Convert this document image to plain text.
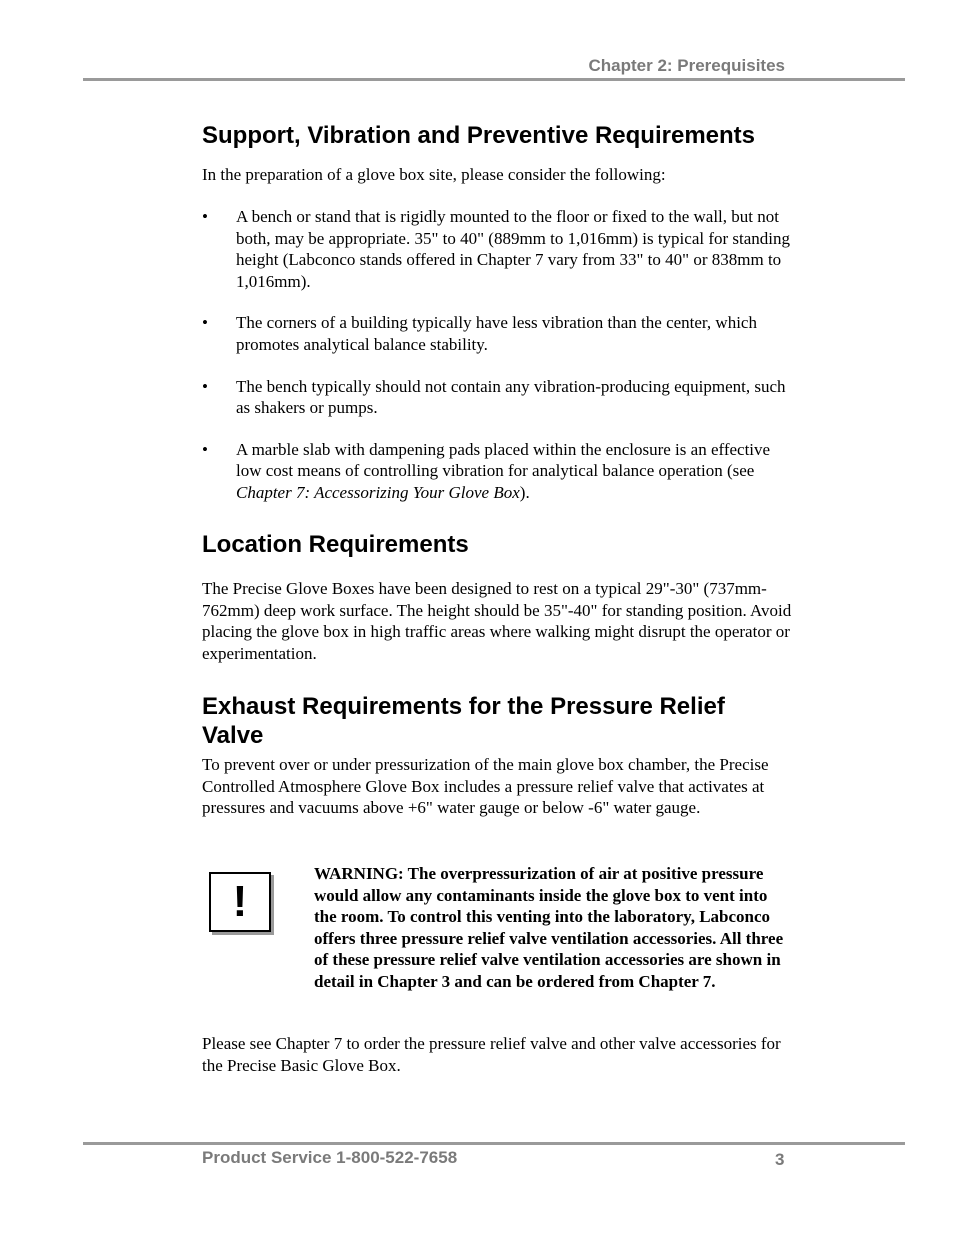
Chapter 2: Prerequisites
Support, Vibration and Preventive Requirements

In the preparation of a glove box site, please consider the following:

• A bench or stand that is rigidly mounted to the floor or fixed to the wall, but not both, may be appropriate. 35" to 40" (889mm to 1,016mm) is typical for standing height (Labconco stands offered in Chapter 7 vary from 33" to 40" or 838mm to 1,016mm).
• The corners of a building typically have less vibration than the center, which promotes analytical balance stability.
• The bench typically should not contain any vibration-producing equipment, such as shakers or pumps.
• A marble slab with dampening pads placed within the enclosure is an effective low cost means of controlling vibration for analytical balance operation (see Chapter 7: Accessorizing Your Glove Box).
Location Requirements

The Precise Glove Boxes have been designed to rest on a typical 29"-30" (737mm-762mm) deep work surface. The height should be 35"-40" for standing position. Avoid placing the glove box in high traffic areas where walking might disrupt the operator or experimentation.

Exhaust Requirements for the Pressure Relief Valve

To prevent over or under pressurization of the main glove box chamber, the Precise Controlled Atmosphere Glove Box includes a pressure relief valve that activates at pressures and vacuums above +6" water gauge or below -6" water gauge.

!
WARNING: The overpressurization of air at positive pressure would allow any contaminants inside the glove box to vent into the room. To control this venting into the laboratory, Labconco offers three pressure relief valve ventilation accessories. All three of these pressure relief valve ventilation accessories are shown in detail in Chapter 3 and can be ordered from Chapter 7.

Please see Chapter 7 to order the pressure relief valve and other valve accessories for the Precise Basic Glove Box.

Product Service 1-800-522-7658	3
